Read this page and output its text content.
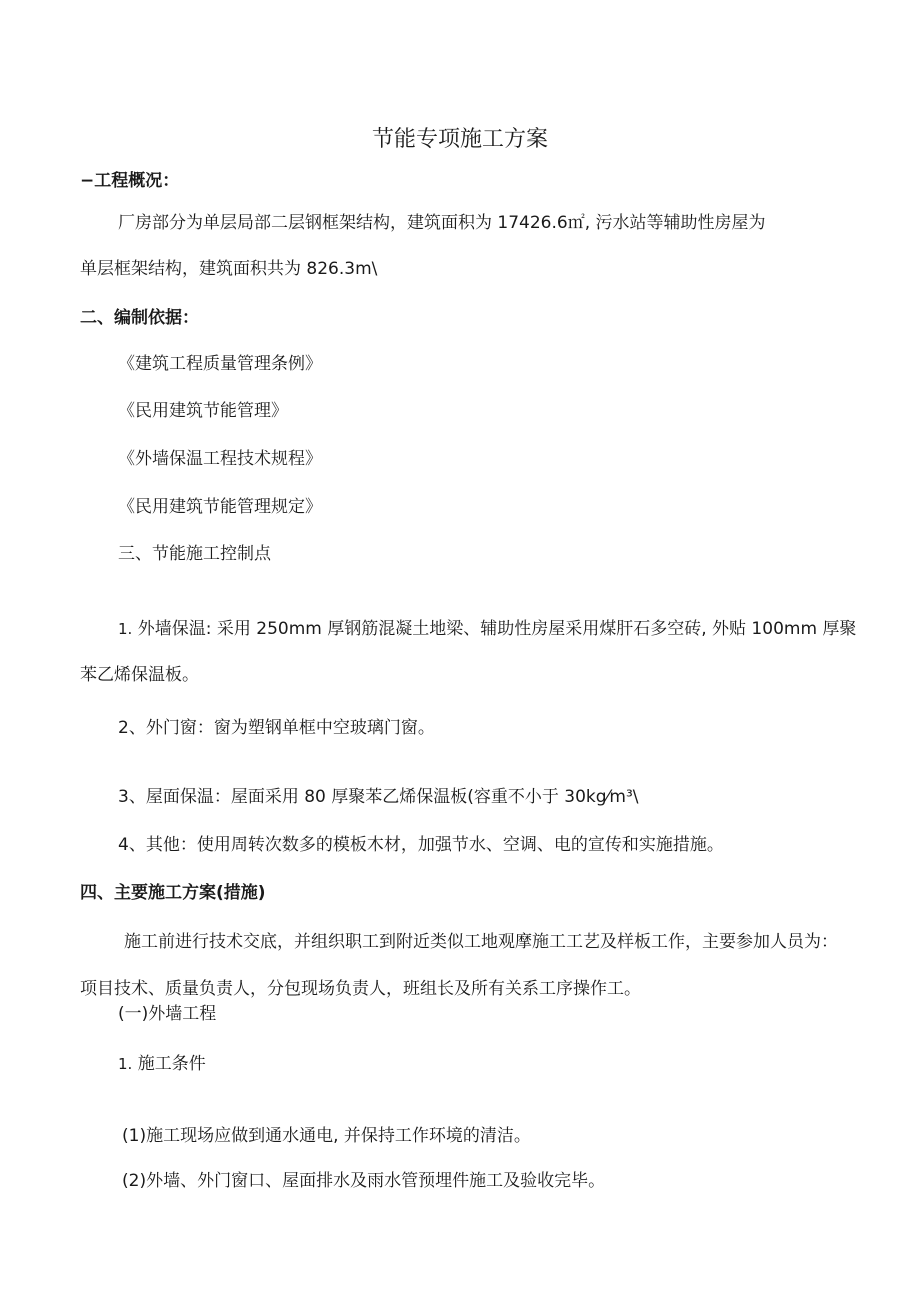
节能专项施工方案
−工程概况：
厂房部分为单层局部二层钢框架结构，建筑面积为 17426.6㎡, 污水站等辅助性房屋为
单层框架结构，建筑面积共为 826.3m\
二、编制依据：
《建筑工程质量管理条例》
《民用建筑节能管理》
《外墙保温工程技术规程》
《民用建筑节能管理规定》
三、节能施工控制点
1. 外墙保温: 采用 250mm 厚钢筋混凝土地梁、辅助性房屋采用煤肝石多空砖, 外贴 100mm 厚聚
苯乙烯保温板。
2、外门窗：窗为塑钢单框中空玻璃门窗。
3、屋面保温：屋面采用 80 厚聚苯乙烯保温板(容重不小于 30kg⁄m³\
4、其他：使用周转次数多的模板木材，加强节水、空调、电的宣传和实施措施。
四、主要施工方案(措施)
施工前进行技术交底，并组织职工到附近类似工地观摩施工工艺及样板工作，主要参加人员为：
项目技术、质量负责人，分包现场负责人，班组长及所有关系工序操作工。
(一)外墙工程
1. 施工条件
(1)施工现场应做到通水通电, 并保持工作环境的清洁。
(2)外墙、外门窗口、屋面排水及雨水管预埋件施工及验收完毕。
